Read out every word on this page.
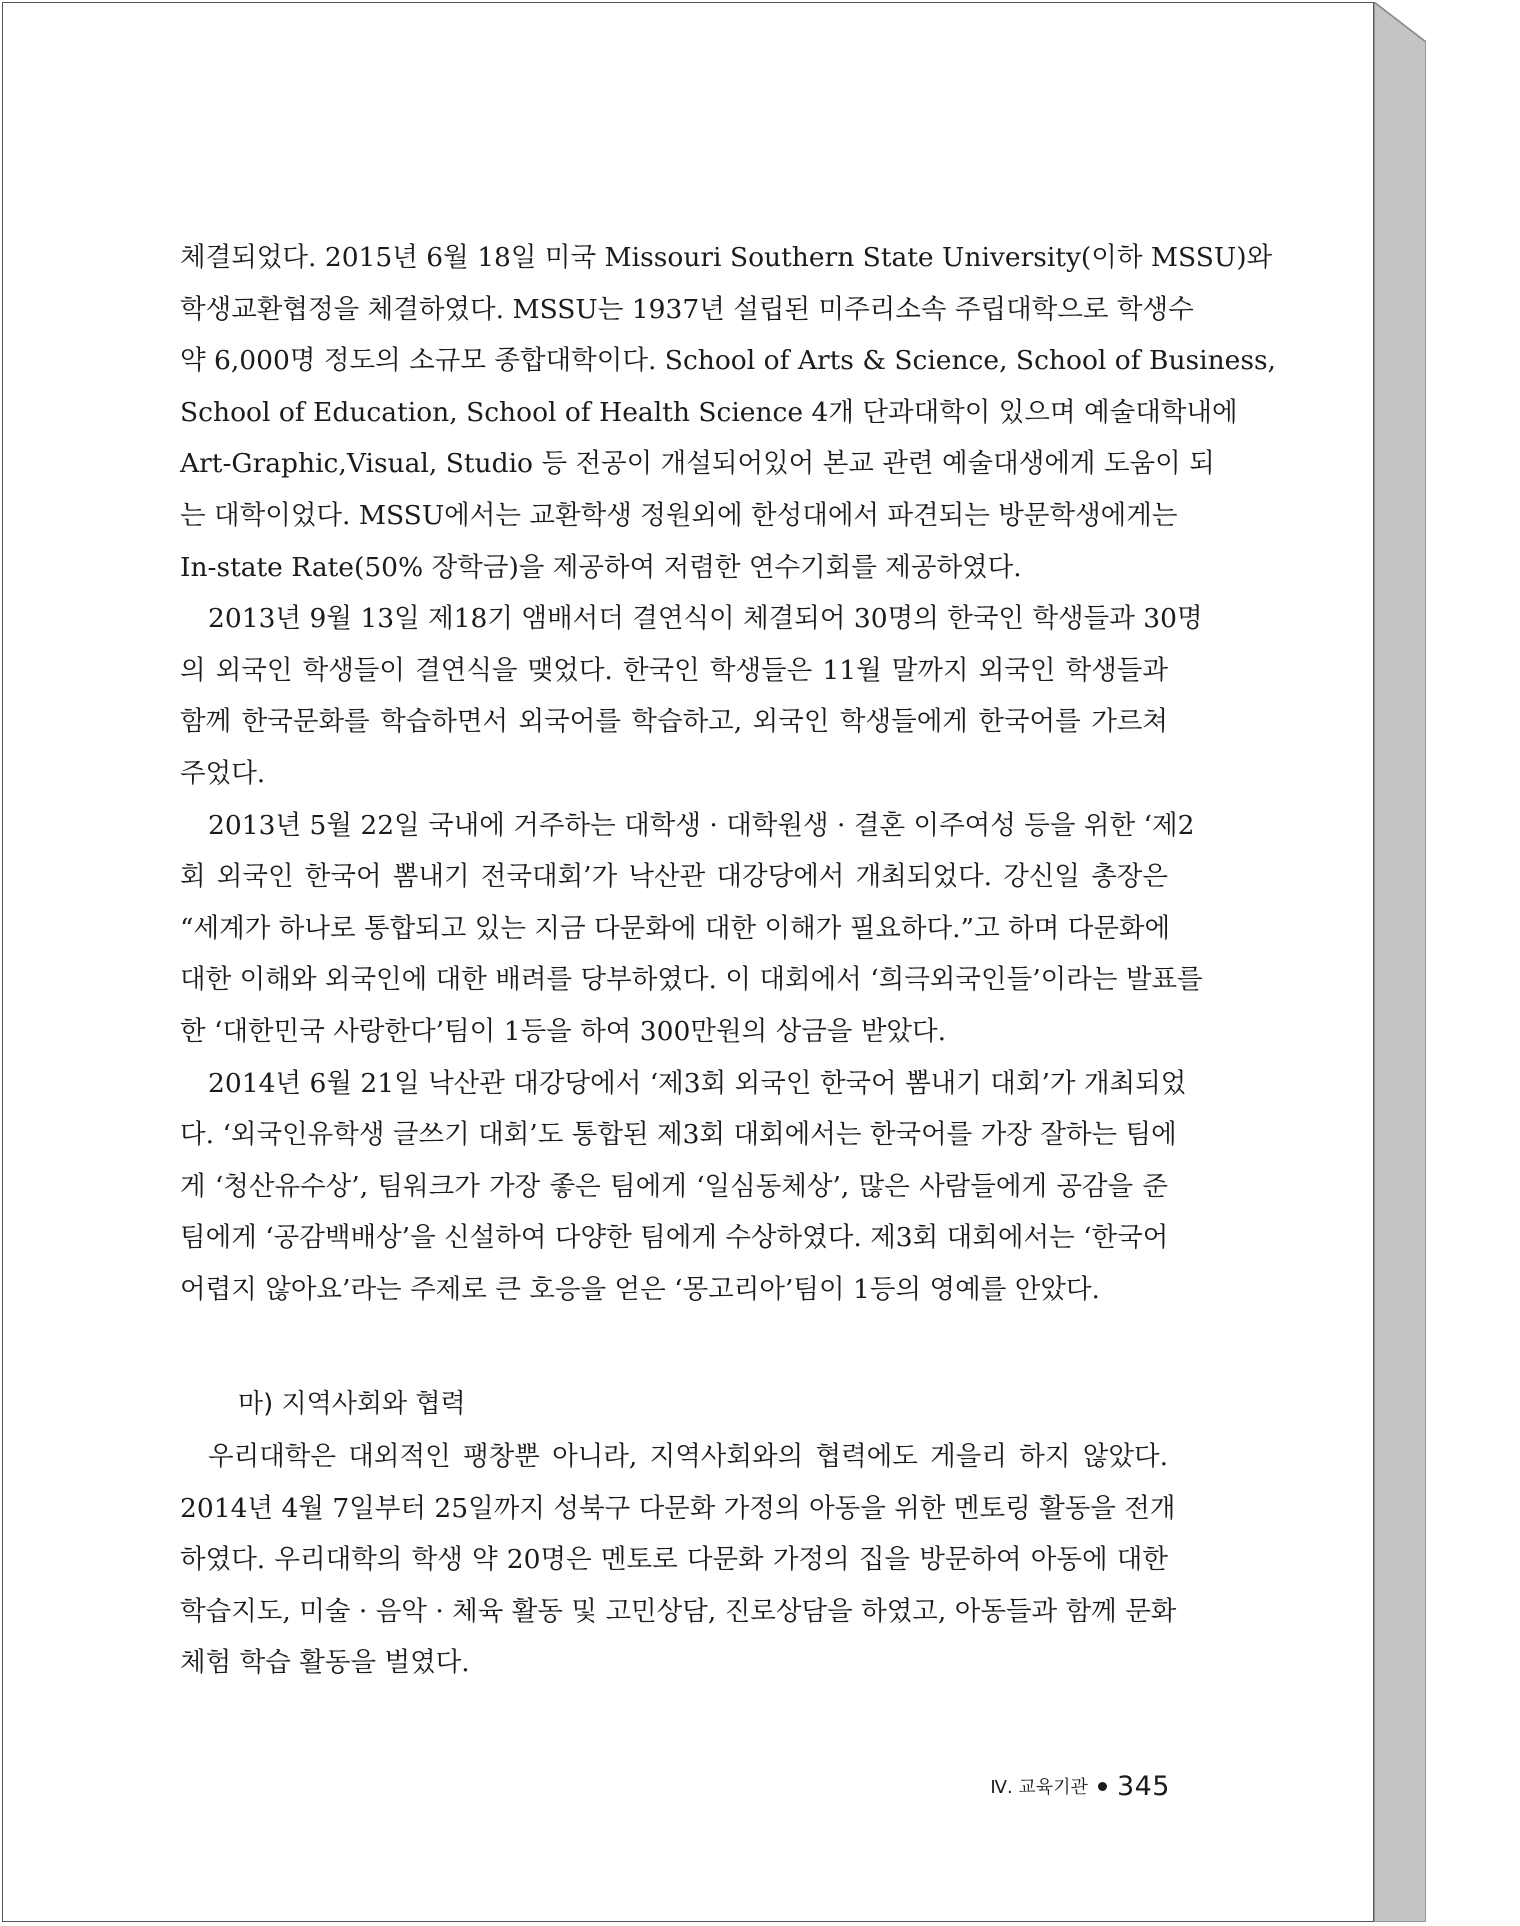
체결되었다. 2015년 6월 18일 미국 Missouri Southern State University(이하 MSSU)와
학생교환협정을 체결하였다. MSSU는 1937년 설립된 미주리소속 주립대학으로 학생수
약 6,000명 정도의 소규모 종합대학이다. School of Arts & Science, School of Business,
School of Education, School of Health Science 4개 단과대학이 있으며 예술대학내에
Art-Graphic,Visual, Studio 등 전공이 개설되어있어 본교 관련 예술대생에게 도움이 되
는 대학이었다. MSSU에서는 교환학생 정원외에 한성대에서 파견되는 방문학생에게는
In-state Rate(50% 장학금)을 제공하여 저렴한 연수기회를 제공하였다.
2013년 9월 13일 제18기 앰배서더 결연식이 체결되어 30명의 한국인 학생들과 30명
의 외국인 학생들이 결연식을 맺었다. 한국인 학생들은 11월 말까지 외국인 학생들과
함께 한국문화를 학습하면서 외국어를 학습하고, 외국인 학생들에게 한국어를 가르쳐
주었다.
2013년 5월 22일 국내에 거주하는 대학생 · 대학원생 · 결혼 이주여성 등을 위한 ‘제2
회 외국인 한국어 뽐내기 전국대회’가 낙산관 대강당에서 개최되었다. 강신일 총장은
“세계가 하나로 통합되고 있는 지금 다문화에 대한 이해가 필요하다.”고 하며 다문화에
대한 이해와 외국인에 대한 배려를 당부하였다. 이 대회에서 ‘희극외국인들’이라는 발표를
한 ‘대한민국 사랑한다’팀이 1등을 하여 300만원의 상금을 받았다.
2014년 6월 21일 낙산관 대강당에서 ‘제3회 외국인 한국어 뽐내기 대회’가 개최되었
다. ‘외국인유학생 글쓰기 대회’도 통합된 제3회 대회에서는 한국어를 가장 잘하는 팀에
게 ‘청산유수상’, 팀워크가 가장 좋은 팀에게 ‘일심동체상’, 많은 사람들에게 공감을 준
팀에게 ‘공감백배상’을 신설하여 다양한 팀에게 수상하였다. 제3회 대회에서는 ‘한국어
어렵지 않아요’라는 주제로 큰 호응을 얻은 ‘몽고리아’팀이 1등의 영예를 안았다.
마) 지역사회와 협력
우리대학은 대외적인 팽창뿐 아니라, 지역사회와의 협력에도 게을리 하지 않았다.
2014년 4월 7일부터 25일까지 성북구 다문화 가정의 아동을 위한 멘토링 활동을 전개
하였다. 우리대학의 학생 약 20명은 멘토로 다문화 가정의 집을 방문하여 아동에 대한
학습지도, 미술 · 음악 · 체육 활동 및 고민상담, 진로상담을 하였고, 아동들과 함께 문화
체험 학습 활동을 벌였다.
Ⅳ. 교육기관 345
